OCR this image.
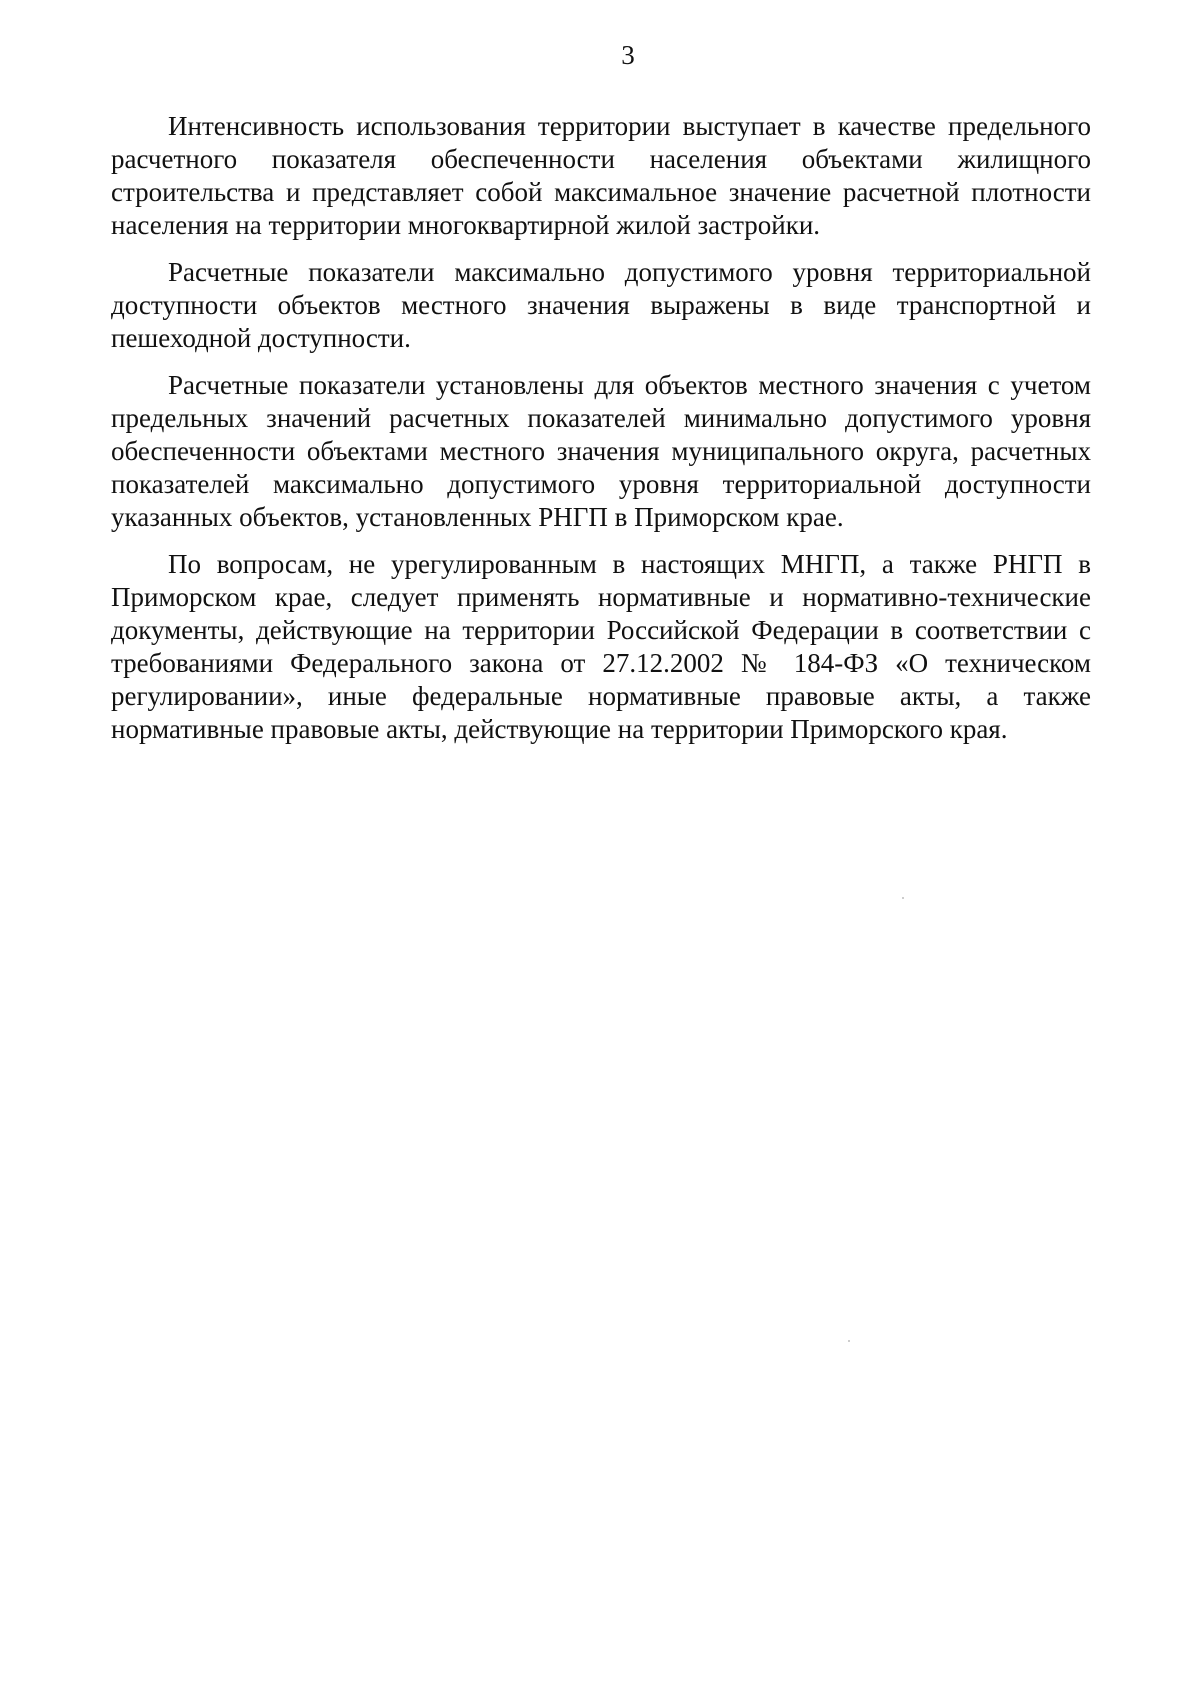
3

Интенсивность использования территории выступает в качестве предельного расчетного показателя обеспеченности населения объектами жилищного строительства и представляет собой максимальное значение расчетной плотности населения на территории многоквартирной жилой застройки.

Расчетные показатели максимально допустимого уровня территориальной доступности объектов местного значения выражены в виде транспортной и пешеходной доступности.

Расчетные показатели установлены для объектов местного значения с учетом предельных значений расчетных показателей минимально допустимого уровня обеспеченности объектами местного значения муниципального округа, расчетных показателей максимально допустимого уровня территориальной доступности указанных объектов, установленных РНГП в Приморском крае.

По вопросам, не урегулированным в настоящих МНГП, а также РНГП в Приморском крае, следует применять нормативные и нормативно-технические документы, действующие на территории Российской Федерации в соответствии с требованиями Федерального закона от 27.12.2002 № 184-ФЗ «О техническом регулировании», иные федеральные нормативные правовые акты, а также нормативные правовые акты, действующие на территории Приморского края.
